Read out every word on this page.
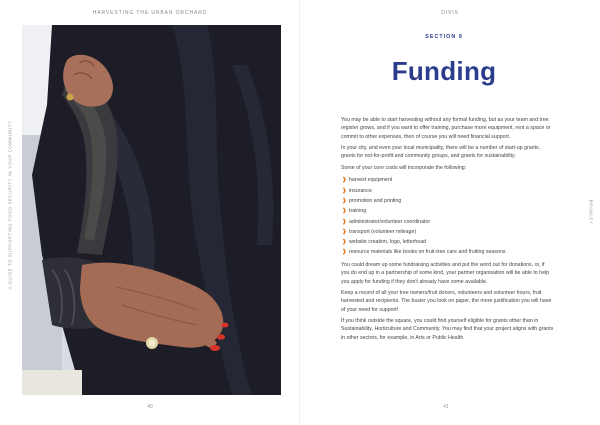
HARVESTING THE URBAN ORCHARD
A GUIDE TO SUPPORTING FOOD SECURITY IN YOUR COMMUNITY
40
DIVIS
BRAMLEY
SECTION 9
Funding

You may be able to start harvesting without any formal funding, but as your team and tree register grows, and if you want to offer training, purchase more equipment, rent a space or commit to other expenses, then of course you will need financial support.

In your city, and even your local municipality, there will be a number of start-up grants, grants for not-for-profit and community groups, and grants for sustainability.

Some of your core costs will incorporate the following:

❱ harvest equipment
❱ insurance
❱ promotion and printing
❱ training
❱ administrator/volunteer coordinator
❱ transport (volunteer mileage)
❱ website creation, logo, letterhead
❱ resource materials like books on fruit-tree care and fruiting seasons.

You could dream up some fundraising activities and put the word out for donations, or, if you do end up in a partnership of some kind, your partner organisation will be able to help you apply for funding if they don't already have some available.

Keep a record of all your tree owners/fruit donors, volunteers and volunteer hours, fruit harvested and recipients. The busier you look on paper, the more justification you will have of your need for support!

If you think outside the square, you could find yourself eligible for grants other than in Sustainability, Horticulture and Community. You may find that your project aligns with grants in other sectors, for example, in Arts or Public Health.

41
